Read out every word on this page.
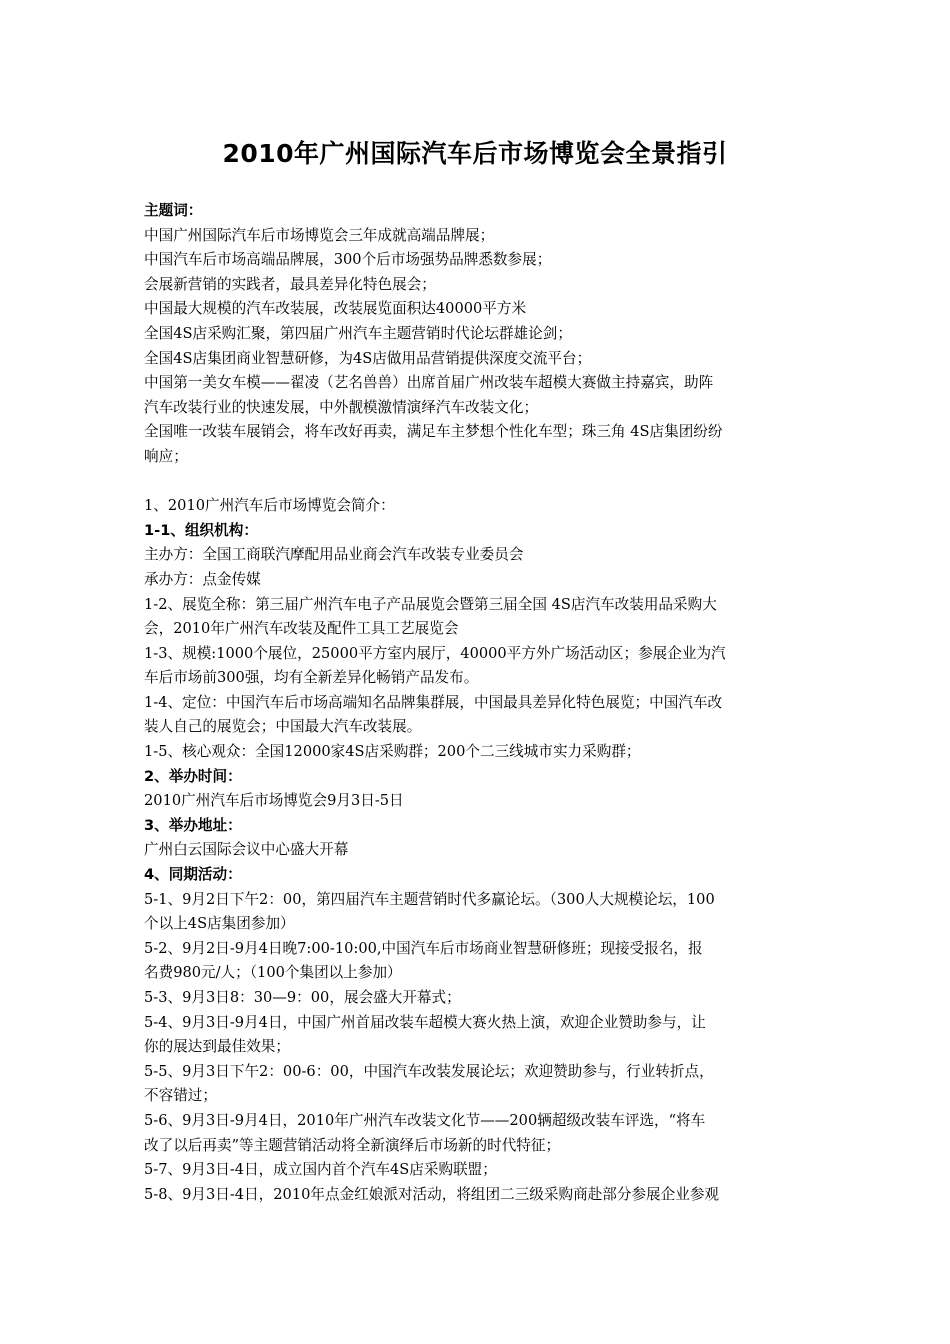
2010年广州国际汽车后市场博览会全景指引
主题词：
中国广州国际汽车后市场博览会三年成就高端品牌展；
中国汽车后市场高端品牌展，300个后市场强势品牌悉数参展；
会展新营销的实践者，最具差异化特色展会；
中国最大规模的汽车改装展，改装展览面积达40000平方米
全国4S店采购汇聚，第四届广州汽车主题营销时代论坛群雄论剑；
全国4S店集团商业智慧研修，为4S店做用品营销提供深度交流平台；
中国第一美女车模——翟凌（艺名兽兽）出席首届广州改装车超模大赛做主持嘉宾，助阵
汽车改装行业的快速发展，中外靓模激情演绎汽车改装文化；
全国唯一改装车展销会，将车改好再卖，满足车主梦想个性化车型；珠三角 4S店集团纷纷
响应；
1、2010广州汽车后市场博览会简介：
1-1、组织机构：
主办方：全国工商联汽摩配用品业商会汽车改装专业委员会
承办方：点金传媒
1-2、展览全称：第三届广州汽车电子产品展览会暨第三届全国 4S店汽车改装用品采购大
会，2010年广州汽车改装及配件工具工艺展览会
1-3、规模:1000个展位，25000平方室内展厅，40000平方外广场活动区；参展企业为汽
车后市场前300强，均有全新差异化畅销产品发布。
1-4、定位：中国汽车后市场高端知名品牌集群展，中国最具差异化特色展览；中国汽车改
装人自己的展览会；中国最大汽车改装展。
1-5、核心观众：全国12000家4S店采购群；200个二三线城市实力采购群；
2、举办时间：
2010广州汽车后市场博览会9月3日-5日
3、举办地址：
广州白云国际会议中心盛大开幕
4、同期活动：
5-1、9月2日下午2：00，第四届汽车主题营销时代多赢论坛。（300人大规模论坛，100
个以上4S店集团参加）
5-2、9月2日-9月4日晚7:00-10:00,中国汽车后市场商业智慧研修班；现接受报名，报
名费980元/人；（100个集团以上参加）
5-3、9月3日8：30—9：00，展会盛大开幕式；
5-4、9月3日-9月4日，中国广州首届改装车超模大赛火热上演，欢迎企业赞助参与，让
你的展达到最佳效果；
5-5、9月3日下午2：00-6：00，中国汽车改装发展论坛；欢迎赞助参与，行业转折点，
不容错过；
5-6、9月3日-9月4日，2010年广州汽车改装文化节——200辆超级改装车评选，“将车
改了以后再卖”等主题营销活动将全新演绎后市场新的时代特征；
5-7、9月3日-4日，成立国内首个汽车4S店采购联盟；
5-8、9月3日-4日，2010年点金红娘派对活动，将组团二三级采购商赴部分参展企业参观
